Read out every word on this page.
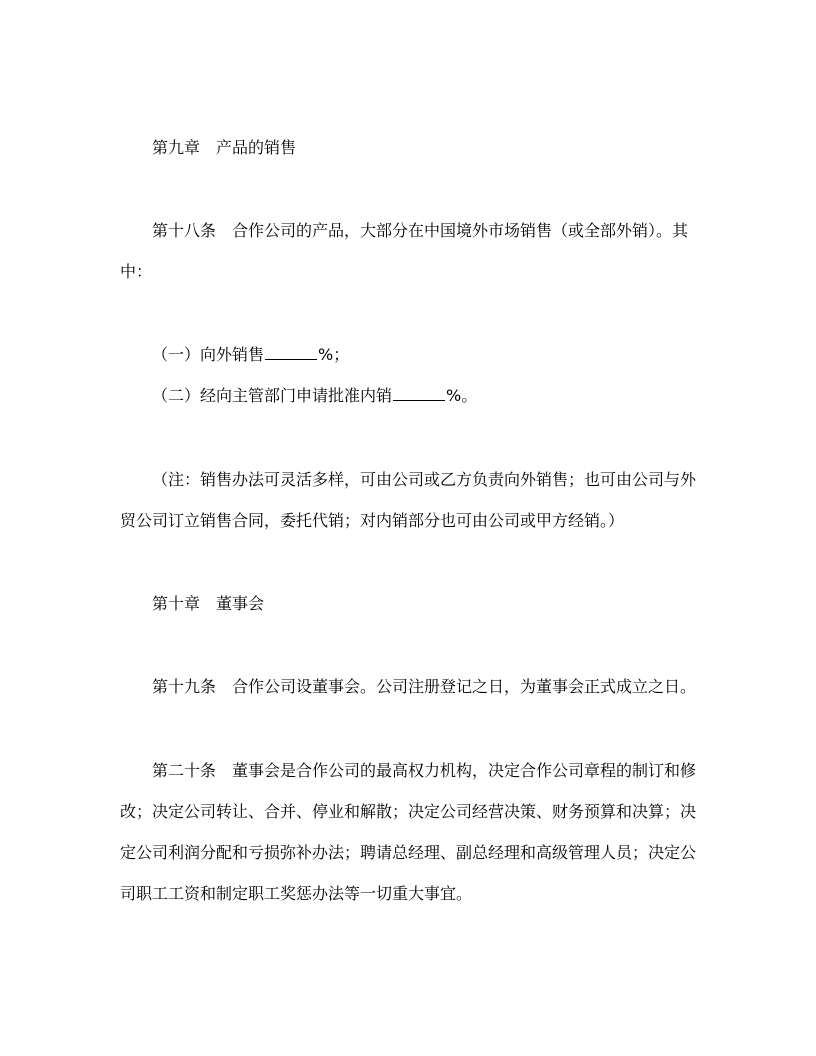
第九章 产品的销售
第十八条 合作公司的产品，大部分在中国境外市场销售（或全部外销）。其
中：
（一）向外销售	%；
（二）经向主管部门申请批准内销	%。
（注：销售办法可灵活多样，可由公司或乙方负责向外销售；也可由公司与外
贸公司订立销售合同，委托代销；对内销部分也可由公司或甲方经销。）
第十章 董事会
第十九条 合作公司设董事会。公司注册登记之日，为董事会正式成立之日。
第二十条 董事会是合作公司的最高权力机构，决定合作公司章程的制订和修
改；决定公司转让、合并、停业和解散；决定公司经营决策、财务预算和决算；决
定公司利润分配和亏损弥补办法；聘请总经理、副总经理和高级管理人员；决定公
司职工工资和制定职工奖惩办法等一切重大事宜。
